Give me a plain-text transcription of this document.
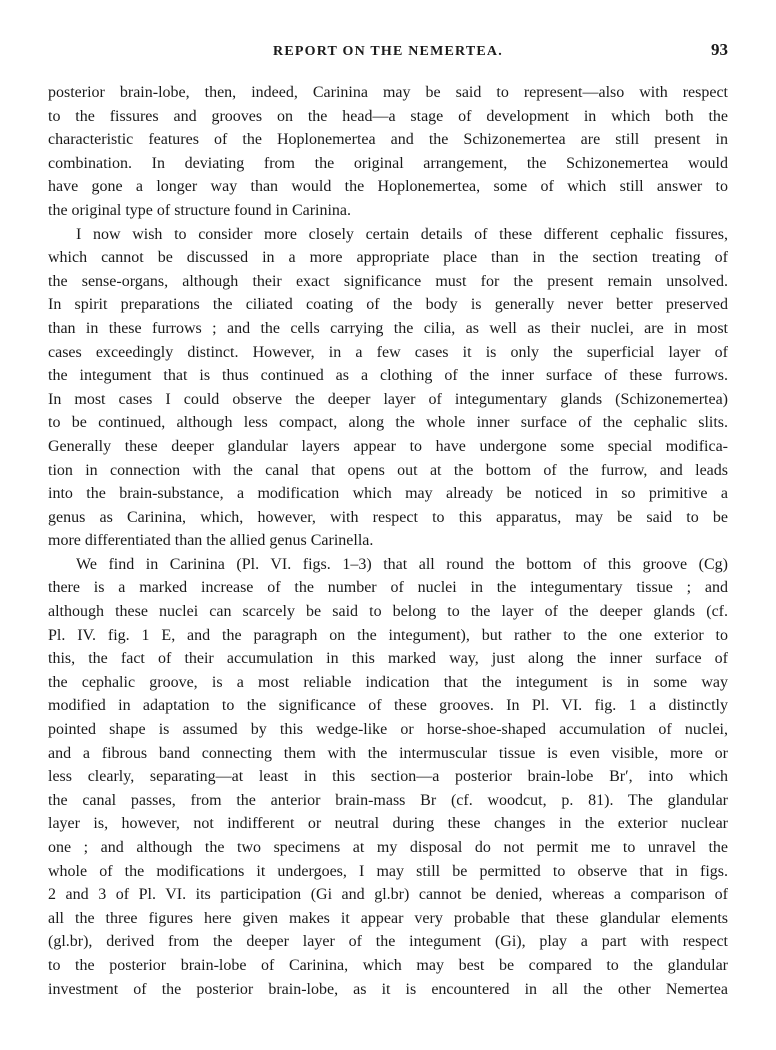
REPORT ON THE NEMERTEA.	93

posterior brain-lobe, then, indeed, Carinina may be said to represent—also with respect

to the fissures and grooves on the head—a stage of development in which both the

characteristic features of the Hoplonemertea and the Schizonemertea are still present in

combination. In deviating from the original arrangement, the Schizonemertea would

have gone a longer way than would the Hoplonemertea, some of which still answer to

the original type of structure found in Carinina.

I now wish to consider more closely certain details of these different cephalic fissures,

which cannot be discussed in a more appropriate place than in the section treating of

the sense-organs, although their exact significance must for the present remain unsolved.

In spirit preparations the ciliated coating of the body is generally never better preserved

than in these furrows ; and the cells carrying the cilia, as well as their nuclei, are in most

cases exceedingly distinct. However, in a few cases it is only the superficial layer of

the integument that is thus continued as a clothing of the inner surface of these furrows.

In most cases I could observe the deeper layer of integumentary glands (Schizonemertea)

to be continued, although less compact, along the whole inner surface of the cephalic slits.

Generally these deeper glandular layers appear to have undergone some special modifica-

tion in connection with the canal that opens out at the bottom of the furrow, and leads

into the brain-substance, a modification which may already be noticed in so primitive a

genus as Carinina, which, however, with respect to this apparatus, may be said to be

more differentiated than the allied genus Carinella.

We find in Carinina (Pl. VI. figs. 1–3) that all round the bottom of this groove (Cg)

there is a marked increase of the number of nuclei in the integumentary tissue ; and

although these nuclei can scarcely be said to belong to the layer of the deeper glands (cf.

Pl. IV. fig. 1 E, and the paragraph on the integument), but rather to the one exterior to

this, the fact of their accumulation in this marked way, just along the inner surface of

the cephalic groove, is a most reliable indication that the integument is in some way

modified in adaptation to the significance of these grooves. In Pl. VI. fig. 1 a distinctly

pointed shape is assumed by this wedge-like or horse-shoe-shaped accumulation of nuclei,

and a fibrous band connecting them with the intermuscular tissue is even visible, more or

less clearly, separating—at least in this section—a posterior brain-lobe Br′, into which

the canal passes, from the anterior brain-mass Br (cf. woodcut, p. 81). The glandular

layer is, however, not indifferent or neutral during these changes in the exterior nuclear

one ; and although the two specimens at my disposal do not permit me to unravel the

whole of the modifications it undergoes, I may still be permitted to observe that in figs.

2 and 3 of Pl. VI. its participation (Gi and gl.br) cannot be denied, whereas a comparison of

all the three figures here given makes it appear very probable that these glandular elements

(gl.br), derived from the deeper layer of the integument (Gi), play a part with respect

to the posterior brain-lobe of Carinina, which may best be compared to the glandular

investment of the posterior brain-lobe, as it is encountered in all the other Nemertea
